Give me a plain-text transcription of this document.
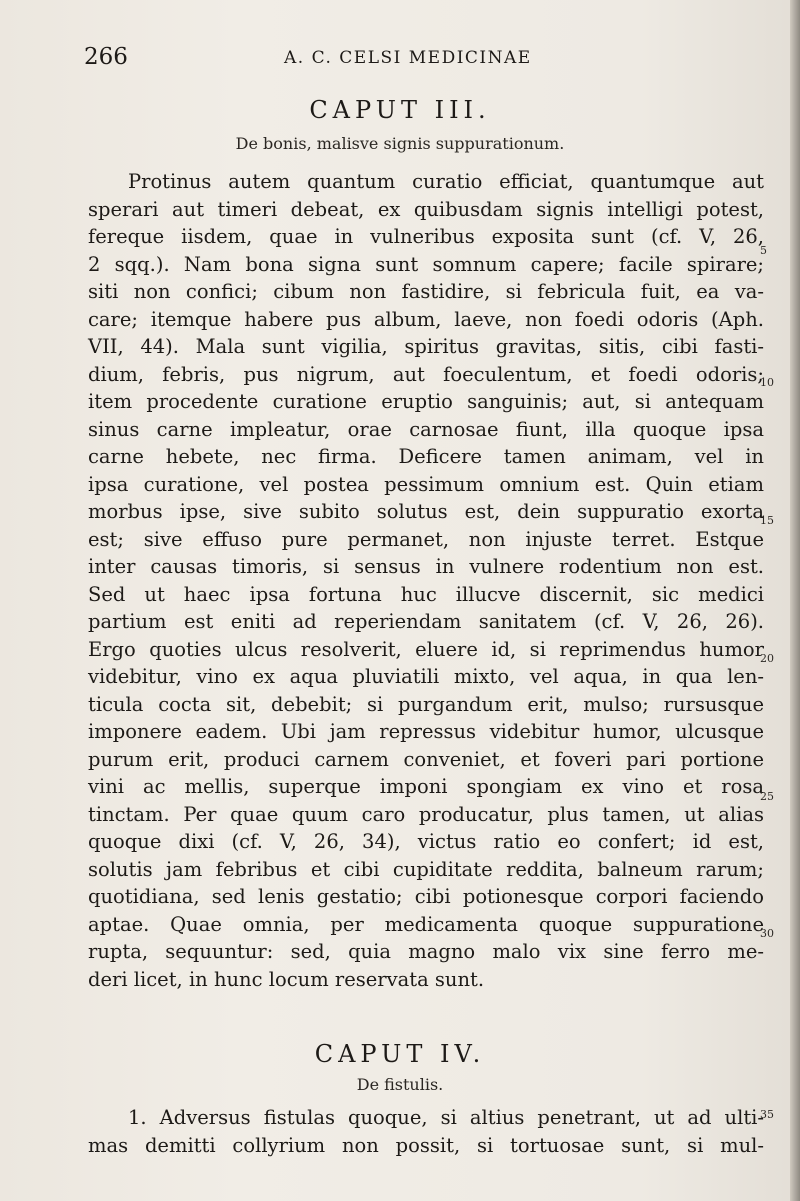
266	A. C. CELSI MEDICINAE
CAPUT III.
De bonis, malisve signis suppurationum.
Protinus autem quantum curatio efficiat, quantumque aut
sperari aut timeri debeat, ex quibusdam signis intelligi potest,
fereque iisdem, quae in vulneribus exposita sunt (cf. V, 26,
2 sqq.). Nam bona signa sunt somnum capere; facile spirare;
siti non confici; cibum non fastidire, si febricula fuit, ea va-
care; itemque habere pus album, laeve, non foedi odoris (Aph.
VII, 44). Mala sunt vigilia, spiritus gravitas, sitis, cibi fasti-
dium, febris, pus nigrum, aut foeculentum, et foedi odoris;
item procedente curatione eruptio sanguinis; aut, si antequam
sinus carne impleatur, orae carnosae fiunt, illa quoque ipsa
carne hebete, nec firma. Deficere tamen animam, vel in
ipsa curatione, vel postea pessimum omnium est. Quin etiam
morbus ipse, sive subito solutus est, dein suppuratio exorta
est; sive effuso pure permanet, non injuste terret. Estque
inter causas timoris, si sensus in vulnere rodentium non est.
Sed ut haec ipsa fortuna huc illucve discernit, sic medici
partium est eniti ad reperiendam sanitatem (cf. V, 26, 26).
Ergo quoties ulcus resolverit, eluere id, si reprimendus humor
videbitur, vino ex aqua pluviatili mixto, vel aqua, in qua len-
ticula cocta sit, debebit; si purgandum erit, mulso; rursusque
imponere eadem. Ubi jam repressus videbitur humor, ulcusque
purum erit, produci carnem conveniet, et foveri pari portione
vini ac mellis, superque imponi spongiam ex vino et rosa
tinctam. Per quae quum caro producatur, plus tamen, ut alias
quoque dixi (cf. V, 26, 34), victus ratio eo confert; id est,
solutis jam febribus et cibi cupiditate reddita, balneum rarum;
quotidiana, sed lenis gestatio; cibi potionesque corpori faciendo
aptae. Quae omnia, per medicamenta quoque suppuratione
rupta, sequuntur: sed, quia magno malo vix sine ferro me-
deri licet, in hunc locum reservata sunt.
CAPUT IV.
De fistulis.
1. Adversus fistulas quoque, si altius penetrant, ut ad ulti-
mas demitti collyrium non possit, si tortuosae sunt, si mul-
5
10
15
20
25
30
35
